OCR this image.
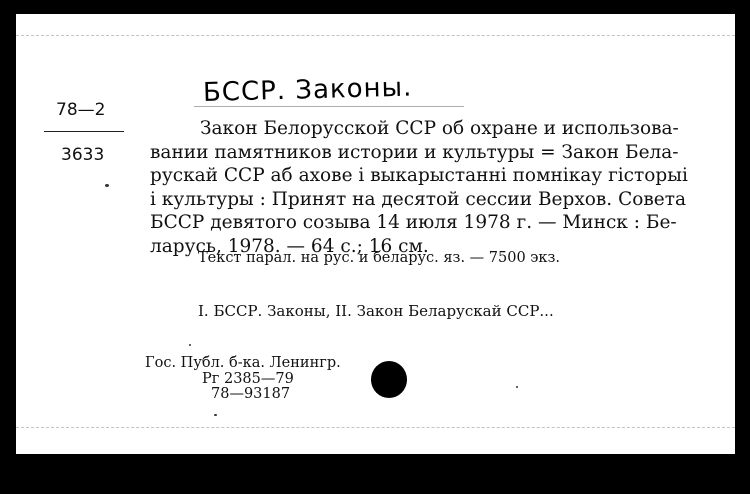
БССР. Законы.
78—2
3633
Закон Белорусской ССР об охране и использова-
вании памятников истории и культуры = Закон Бела-
рускай ССР аб ахове і выкарыстанні помнікау гісторыі
і культуры : Принят на десятой сессии Верхов. Совета
БССР девятого созыва 14 июля 1978 г. — Минск : Бе-
ларусь, 1978. — 64 с.; 16 см.
Текст парал. на рус. и беларус. яз. — 7500 экз.
I. БССР. Законы, II. Закон Беларускай ССР...
Гос. Публ. б-ка. Ленингр.
Рг 2385—79
78—93187
